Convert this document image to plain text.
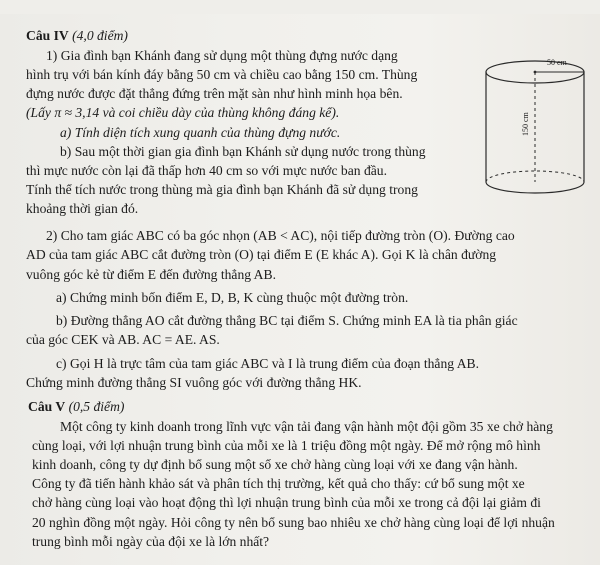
Câu IV (4,0 điểm)
1) Gia đình bạn Khánh đang sử dụng một thùng đựng nước dạng
hình trụ với bán kính đáy bằng 50 cm và chiều cao bằng 150 cm. Thùng
đựng nước được đặt thẳng đứng trên mặt sàn như hình minh họa bên.
(Lấy π ≈ 3,14 và coi chiều dày của thùng không đáng kể).
a) Tính diện tích xung quanh của thùng đựng nước.
b) Sau một thời gian gia đình bạn Khánh sử dụng nước trong thùng
thì mực nước còn lại đã thấp hơn 40 cm so với mực nước ban đầu.
Tính thể tích nước trong thùng mà gia đình bạn Khánh đã sử dụng trong
khoảng thời gian đó.
2) Cho tam giác ABC có ba góc nhọn (AB < AC), nội tiếp đường tròn (O). Đường cao
AD của tam giác ABC cắt đường tròn (O) tại điểm E (E khác A). Gọi K là chân đường
vuông góc kẻ từ điểm E đến đường thẳng AB.
a) Chứng minh bốn điểm E, D, B, K cùng thuộc một đường tròn.
b) Đường thẳng AO cắt đường thẳng BC tại điểm S. Chứng minh EA là tia phân giác
của góc CEK và AB. AC = AE. AS.
c) Gọi H là trực tâm của tam giác ABC và I là trung điểm của đoạn thẳng AB.
Chứng minh đường thẳng SI vuông góc với đường thẳng HK.
Câu V (0,5 điểm)
Một công ty kinh doanh trong lĩnh vực vận tải đang vận hành một đội gồm 35 xe chở hàng
cùng loại, với lợi nhuận trung bình của mỗi xe là 1 triệu đồng một ngày. Để mở rộng mô hình
kinh doanh, công ty dự định bổ sung một số xe chở hàng cùng loại với xe đang vận hành.
Công ty đã tiến hành khảo sát và phân tích thị trường, kết quả cho thấy: cứ bổ sung một xe
chở hàng cùng loại vào hoạt động thì lợi nhuận trung bình của mỗi xe trong cả đội lại giảm đi
20 nghìn đồng một ngày. Hỏi công ty nên bổ sung bao nhiêu xe chở hàng cùng loại để lợi nhuận
trung bình mỗi ngày của đội xe là lớn nhất?
50 cm
150 cm
